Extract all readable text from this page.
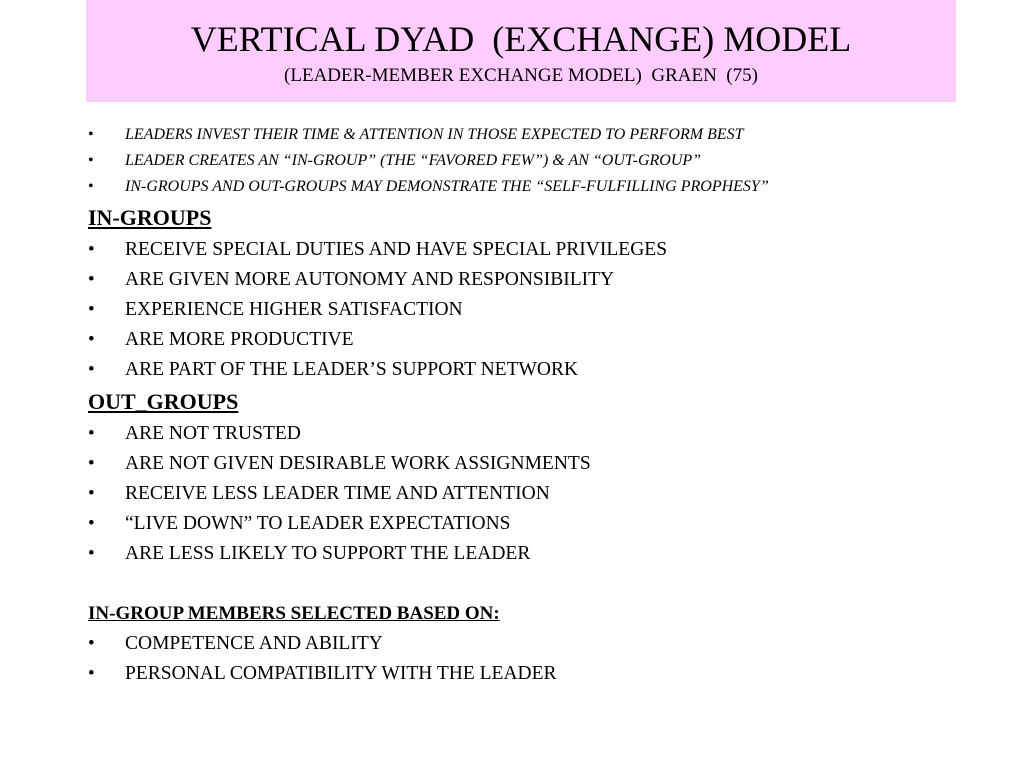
VERTICAL DYAD  (EXCHANGE) MODEL
(LEADER-MEMBER EXCHANGE MODEL)  GRAEN  (75)
• LEADERS INVEST THEIR TIME & ATTENTION IN THOSE EXPECTED TO PERFORM BEST
• LEADER CREATES AN “IN-GROUP” (THE “FAVORED FEW”) & AN “OUT-GROUP”
• IN-GROUPS AND OUT-GROUPS MAY DEMONSTRATE THE “SELF-FULFILLING PROPHESY”
IN-GROUPS
• RECEIVE SPECIAL DUTIES AND HAVE SPECIAL PRIVILEGES
• ARE GIVEN MORE AUTONOMY AND RESPONSIBILITY
• EXPERIENCE HIGHER SATISFACTION
• ARE MORE PRODUCTIVE
• ARE PART OF THE LEADER’S SUPPORT NETWORK
OUT_GROUPS
• ARE NOT TRUSTED
• ARE NOT GIVEN DESIRABLE WORK ASSIGNMENTS
• RECEIVE LESS LEADER TIME AND ATTENTION
• “LIVE DOWN” TO LEADER EXPECTATIONS
• ARE LESS LIKELY TO SUPPORT THE LEADER
IN-GROUP MEMBERS SELECTED BASED ON:
• COMPETENCE AND ABILITY
• PERSONAL COMPATIBILITY WITH THE LEADER
